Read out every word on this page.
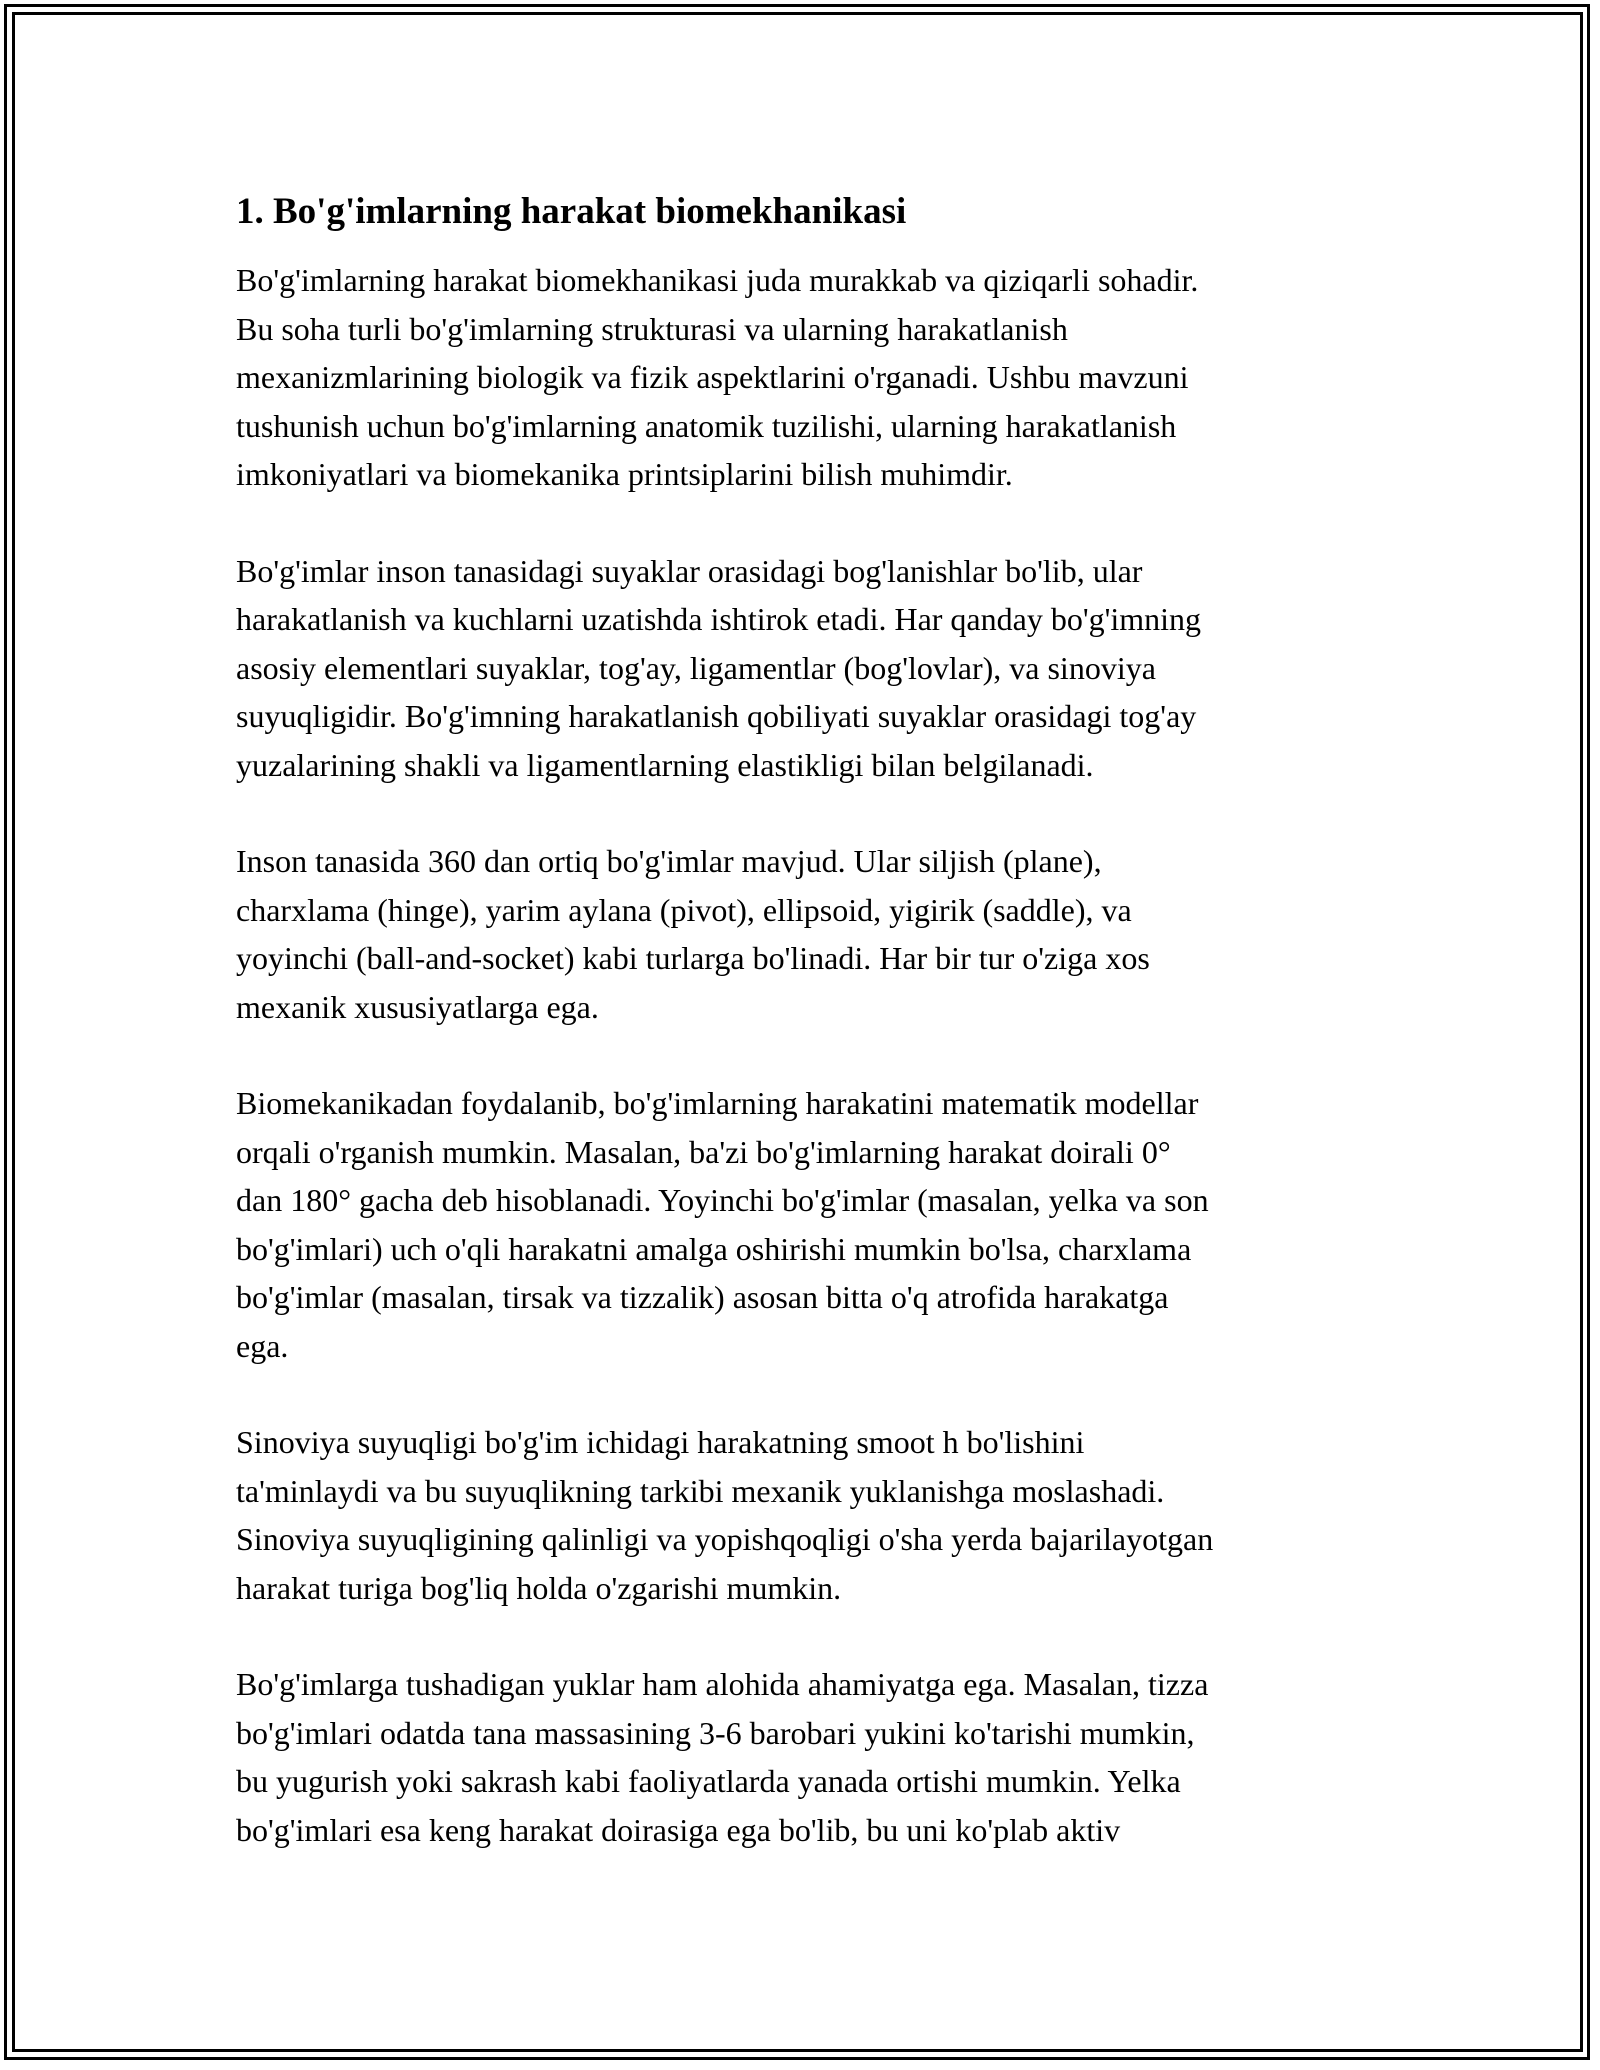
1. Bo'g'imlarning harakat biomekhanikasi

Bo'g'imlarning harakat biomekhanikasi juda murakkab va qiziqarli sohadir.
Bu soha turli bo'g'imlarning strukturasi va ularning harakatlanish
mexanizmlarining biologik va fizik aspektlarini o'rganadi. Ushbu mavzuni
tushunish uchun bo'g'imlarning anatomik tuzilishi, ularning harakatlanish
imkoniyatlari va biomekanika printsiplarini bilish muhimdir.

Bo'g'imlar inson tanasidagi suyaklar orasidagi bog'lanishlar bo'lib, ular
harakatlanish va kuchlarni uzatishda ishtirok etadi. Har qanday bo'g'imning
asosiy elementlari suyaklar, tog'ay, ligamentlar (bog'lovlar), va sinoviya
suyuqligidir. Bo'g'imning harakatlanish qobiliyati suyaklar orasidagi tog'ay
yuzalarining shakli va ligamentlarning elastikligi bilan belgilanadi.

Inson tanasida 360 dan ortiq bo'g'imlar mavjud. Ular siljish (plane),
charxlama (hinge), yarim aylana (pivot), ellipsoid, yigirik (saddle), va
yoyinchi (ball-and-socket) kabi turlarga bo'linadi. Har bir tur o'ziga xos
mexanik xususiyatlarga ega.

Biomekanikadan foydalanib, bo'g'imlarning harakatini matematik modellar
orqali o'rganish mumkin. Masalan, ba'zi bo'g'imlarning harakat doirali 0°
dan 180° gacha deb hisoblanadi. Yoyinchi bo'g'imlar (masalan, yelka va son
bo'g'imlari) uch o'qli harakatni amalga oshirishi mumkin bo'lsa, charxlama
bo'g'imlar (masalan, tirsak va tizzalik) asosan bitta o'q atrofida harakatga
ega.

Sinoviya suyuqligi bo'g'im ichidagi harakatning smoot h bo'lishini
ta'minlaydi va bu suyuqlikning tarkibi mexanik yuklanishga moslashadi.
Sinoviya suyuqligining qalinligi va yopishqoqligi o'sha yerda bajarilayotgan
harakat turiga bog'liq holda o'zgarishi mumkin.

Bo'g'imlarga tushadigan yuklar ham alohida ahamiyatga ega. Masalan, tizza
bo'g'imlari odatda tana massasining 3-6 barobari yukini ko'tarishi mumkin,
bu yugurish yoki sakrash kabi faoliyatlarda yanada ortishi mumkin. Yelka
bo'g'imlari esa keng harakat doirasiga ega bo'lib, bu uni ko'plab aktiv
